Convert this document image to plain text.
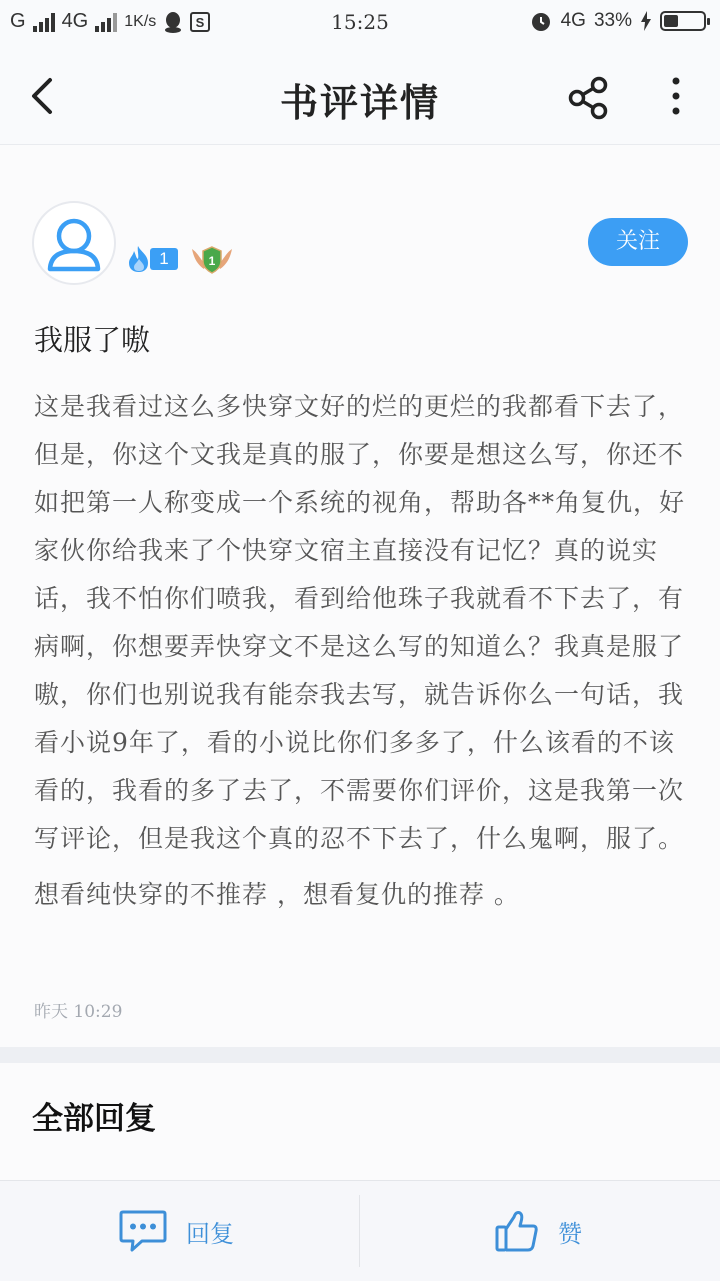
G 4G 1K/s	S	15:25	4G 33%
书评详情
1	1
关注
我服了嗷

这是我看过这么多快穿文好的烂的更烂的我都看下去了，但是，你这个文我是真的服了，你要是想这么写，你还不如把第一人称变成一个系统的视角，帮助各**角复仇，好家伙你给我来了个快穿文宿主直接没有记忆？真的说实话，我不怕你们喷我，看到给他珠子我就看不下去了，有病啊，你想要弄快穿文不是这么写的知道么？我真是服了嗷，你们也别说我有能奈我去写，就告诉你么一句话，我看小说9年了，看的小说比你们多多了，什么该看的不该看的，我看的多了去了，不需要你们评价，这是我第一次写评论，但是我这个真的忍不下去了，什么鬼啊，服了。

想看纯快穿的不推荐 ，想看复仇的推荐 。

昨天 10:29
全部回复
回复	赞
